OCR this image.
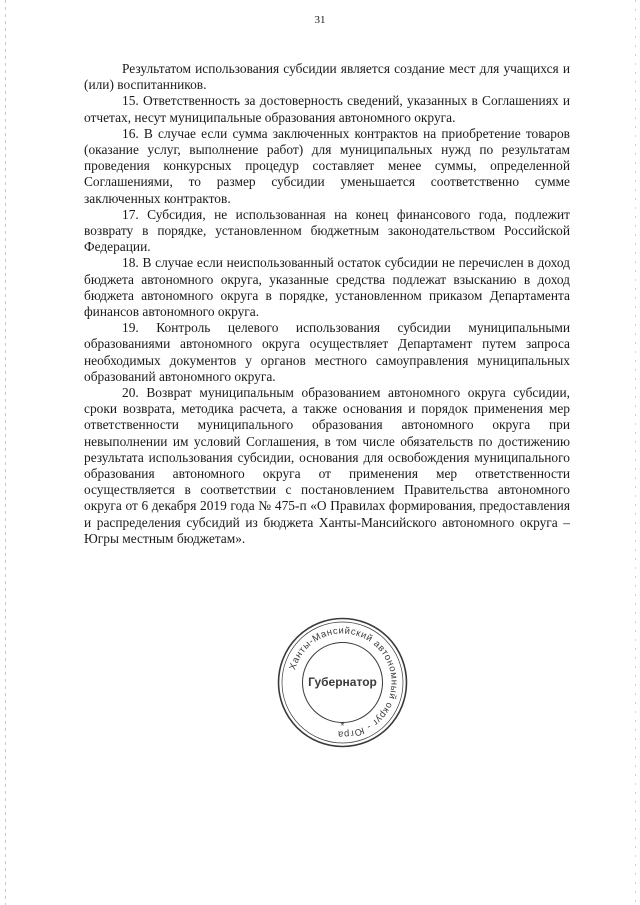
31

Результатом использования субсидии является создание мест для учащихся и (или) воспитанников.

15. Ответственность за достоверность сведений, указанных в Соглашениях и отчетах, несут муниципальные образования автономного округа.

16. В случае если сумма заключенных контрактов на приобретение товаров (оказание услуг, выполнение работ) для муниципальных нужд по результатам проведения конкурсных процедур составляет менее суммы, определенной Соглашениями, то размер субсидии уменьшается соответственно сумме заключенных контрактов.

17. Субсидия, не использованная на конец финансового года, подлежит возврату в порядке, установленном бюджетным законодательством Российской Федерации.

18. В случае если неиспользованный остаток субсидии не перечислен в доход бюджета автономного округа, указанные средства подлежат взысканию в доход бюджета автономного округа в порядке, установленном приказом Департамента финансов автономного округа.

19. Контроль целевого использования субсидии муниципальными образованиями автономного округа осуществляет Департамент путем запроса необходимых документов у органов местного самоуправления муниципальных образований автономного округа.

20. Возврат муниципальным образованием автономного округа субсидии, сроки возврата, методика расчета, а также основания и порядок применения мер ответственности муниципального образования автономного округа при невыполнении им условий Соглашения, в том числе обязательств по достижению результата использования субсидии, основания для освобождения муниципального образования автономного округа от применения мер ответственности осуществляется в соответствии с постановлением Правительства автономного округа от 6 декабря 2019 года № 475-п «О Правилах формирования, предоставления и распределения субсидий из бюджета Ханты-Мансийского автономного округа – Югры местным бюджетам».

Ханты-Мансийский автономный округ - Югра
Губернатор
*
